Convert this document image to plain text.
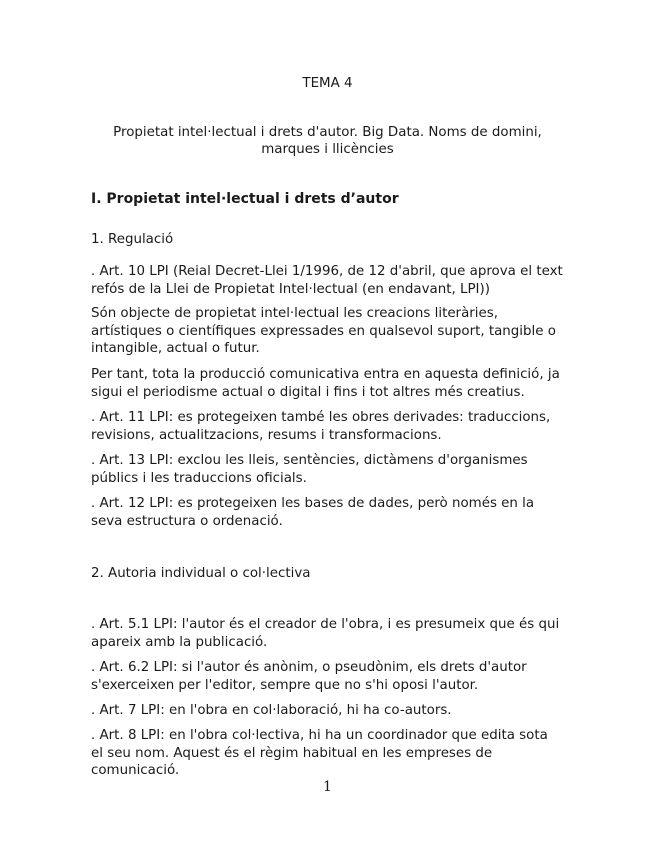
TEMA 4
Propietat intel·lectual i drets d'autor. Big Data. Noms de domini,
marques i llicències
I. Propietat intel·lectual i drets d’autor
1. Regulació

. Art. 10 LPI (Reial Decret-Llei 1/1996, de 12 d'abril, que aprova el text refós de la Llei de Propietat Intel·lectual (en endavant, LPI))

Són objecte de propietat intel·lectual les creacions literàries, artístiques o científiques expressades en qualsevol suport, tangible o intangible, actual o futur.

Per tant, tota la producció comunicativa entra en aquesta definició, ja sigui el periodisme actual o digital i fins i tot altres més creatius.

. Art. 11 LPI: es protegeixen també les obres derivades: traduccions, revisions, actualitzacions, resums i transformacions.

. Art. 13 LPI: exclou les lleis, sentències, dictàmens d'organismes públics i les traduccions oficials.

. Art. 12 LPI: es protegeixen les bases de dades, però només en la seva estructura o ordenació.

2. Autoria individual o col·lectiva

. Art. 5.1 LPI: l'autor és el creador de l'obra, i es presumeix que és qui apareix amb la publicació.

. Art. 6.2 LPI: si l'autor és anònim, o pseudònim, els drets d'autor s'exerceixen per l'editor, sempre que no s'hi oposi l'autor.

. Art. 7 LPI: en l'obra en col·laboració, hi ha co-autors.

. Art. 8 LPI: en l'obra col·lectiva, hi ha un coordinador que edita sota el seu nom. Aquest és el règim habitual en les empreses de comunicació.

1
